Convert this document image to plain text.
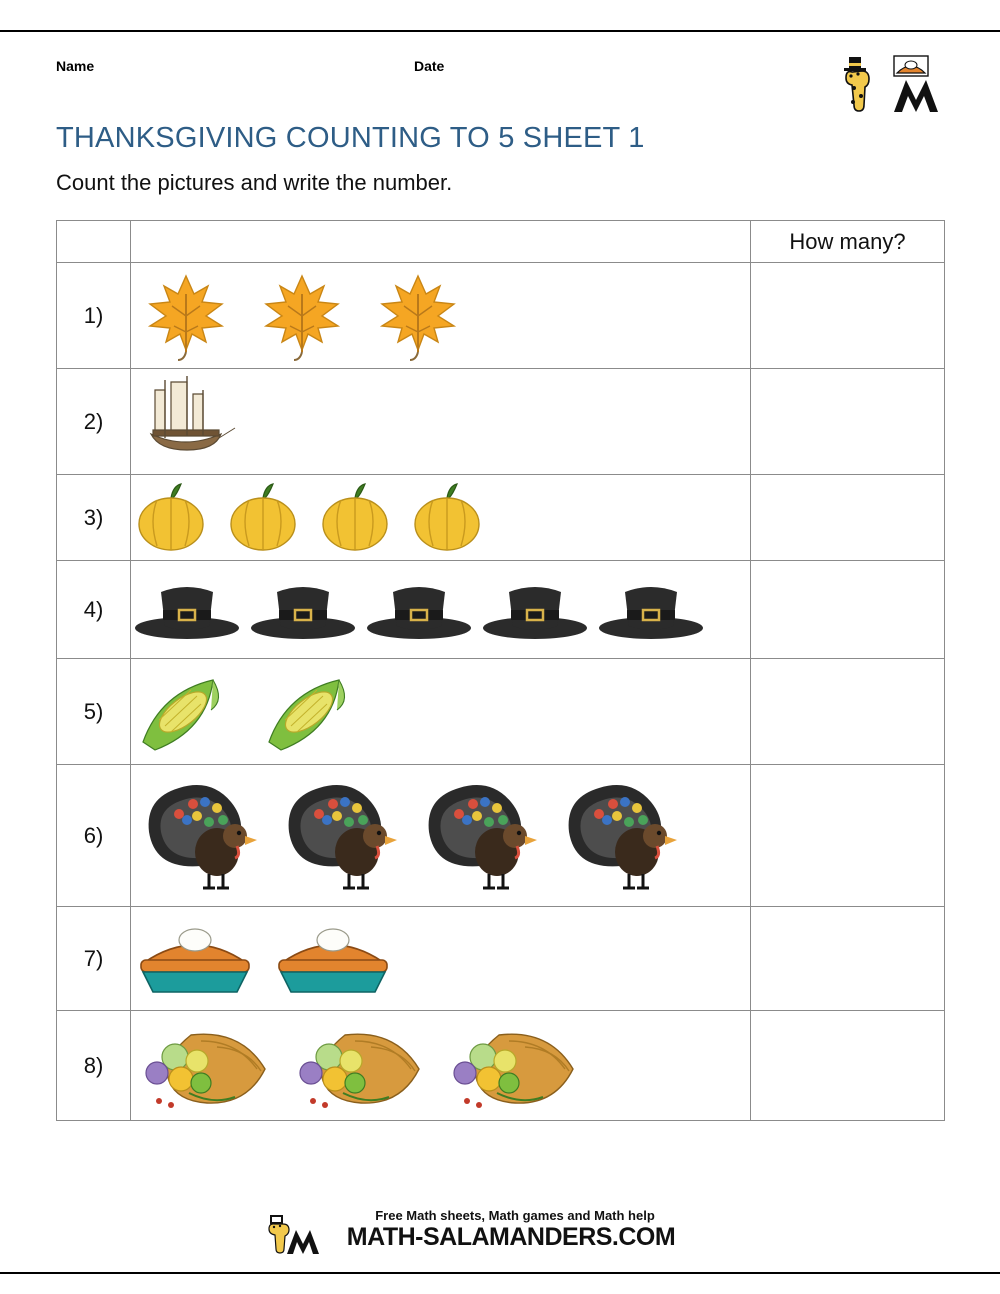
Name	Date
THANKSGIVING COUNTING TO 5 SHEET 1
Count the pictures and write the number.
		How many?
1)	

2)	

3)	

4)	

5)	

6)	

7)	

8)	

Free Math sheets, Math games and Math help
MATH-SALAMANDERS.COM
